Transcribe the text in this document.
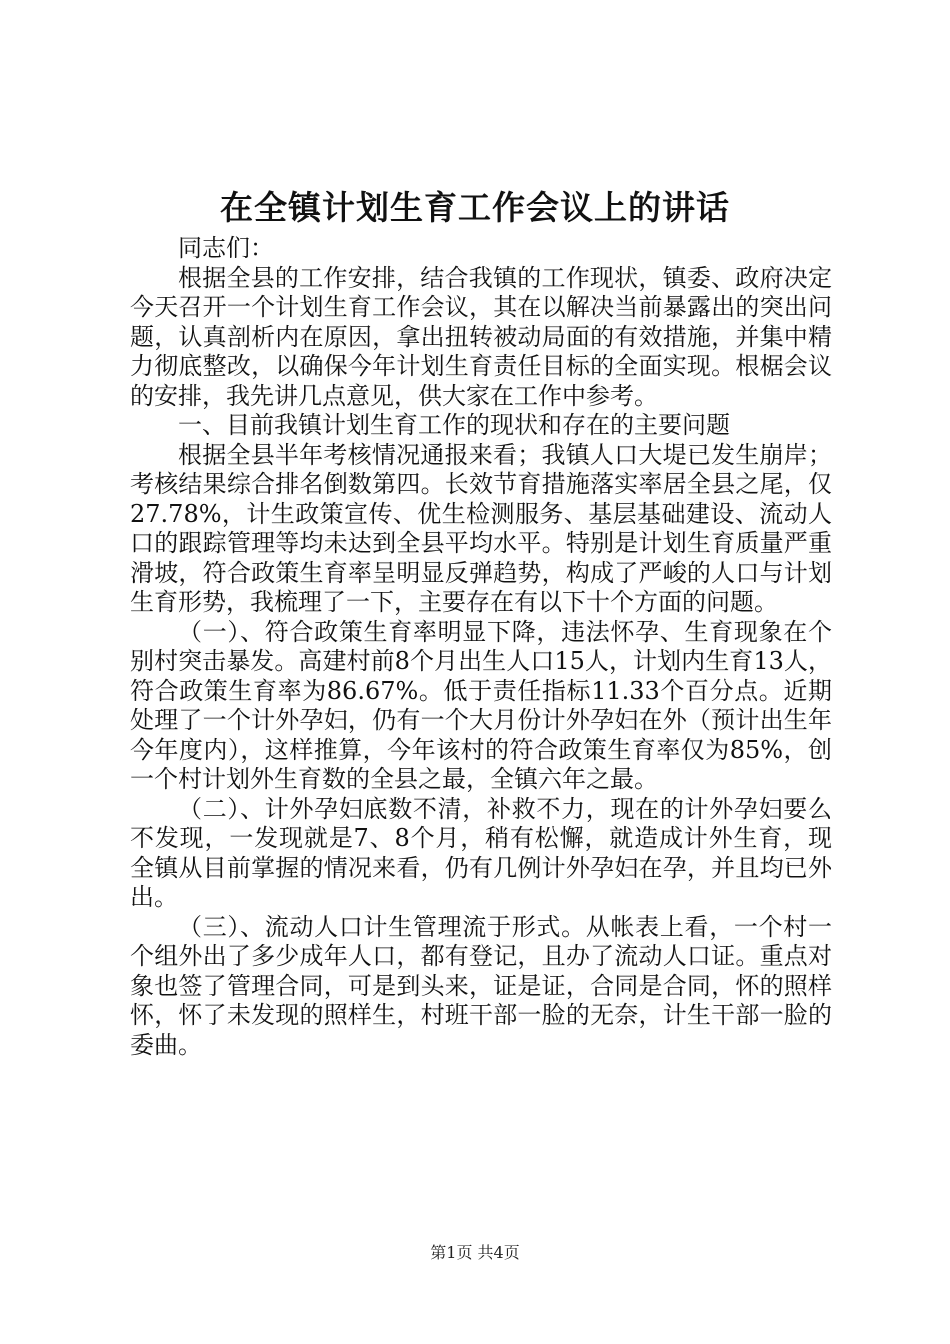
在全镇计划生育工作会议上的讲话

同志们：

根据全县的工作安排，结合我镇的工作现状，镇委、政府决定今天召开一个计划生育工作会议，其在以解决当前暴露出的突出问题，认真剖析内在原因，拿出扭转被动局面的有效措施，并集中精力彻底整改，以确保今年计划生育责任目标的全面实现。根椐会议的安排，我先讲几点意见，供大家在工作中参考。

一、目前我镇计划生育工作的现状和存在的主要问题

根据全县半年考核情况通报来看；我镇人口大堤已发生崩岸；考核结果综合排名倒数第四。长效节育措施落实率居全县之尾，仅27.78%，计生政策宣传、优生检测服务、基层基础建设、流动人口的跟踪管理等均未达到全县平均水平。特别是计划生育质量严重滑坡，符合政策生育率呈明显反弹趋势，构成了严峻的人口与计划生育形势，我梳理了一下，主要存在有以下十个方面的问题。

（一）、符合政策生育率明显下降，违法怀孕、生育现象在个别村突击暴发。高建村前8个月出生人口15人，计划内生育13人，符合政策生育率为86.67%。低于责任指标11.33个百分点。近期处理了一个计外孕妇，仍有一个大月份计外孕妇在外（预计出生年今年度内），这样推算，今年该村的符合政策生育率仅为85%，创一个村计划外生育数的全县之最，全镇六年之最。

（二）、计外孕妇底数不清，补救不力，现在的计外孕妇要么不发现，一发现就是7、8个月，稍有松懈，就造成计外生育，现全镇从目前掌握的情况来看，仍有几例计外孕妇在孕，并且均已外出。

（三）、流动人口计生管理流于形式。从帐表上看，一个村一个组外出了多少成年人口，都有登记，且办了流动人口证。重点对象也签了管理合同，可是到头来，证是证，合同是合同，怀的照样怀，怀了未发现的照样生，村班干部一脸的无奈，计生干部一脸的委曲。

第1页 共4页
